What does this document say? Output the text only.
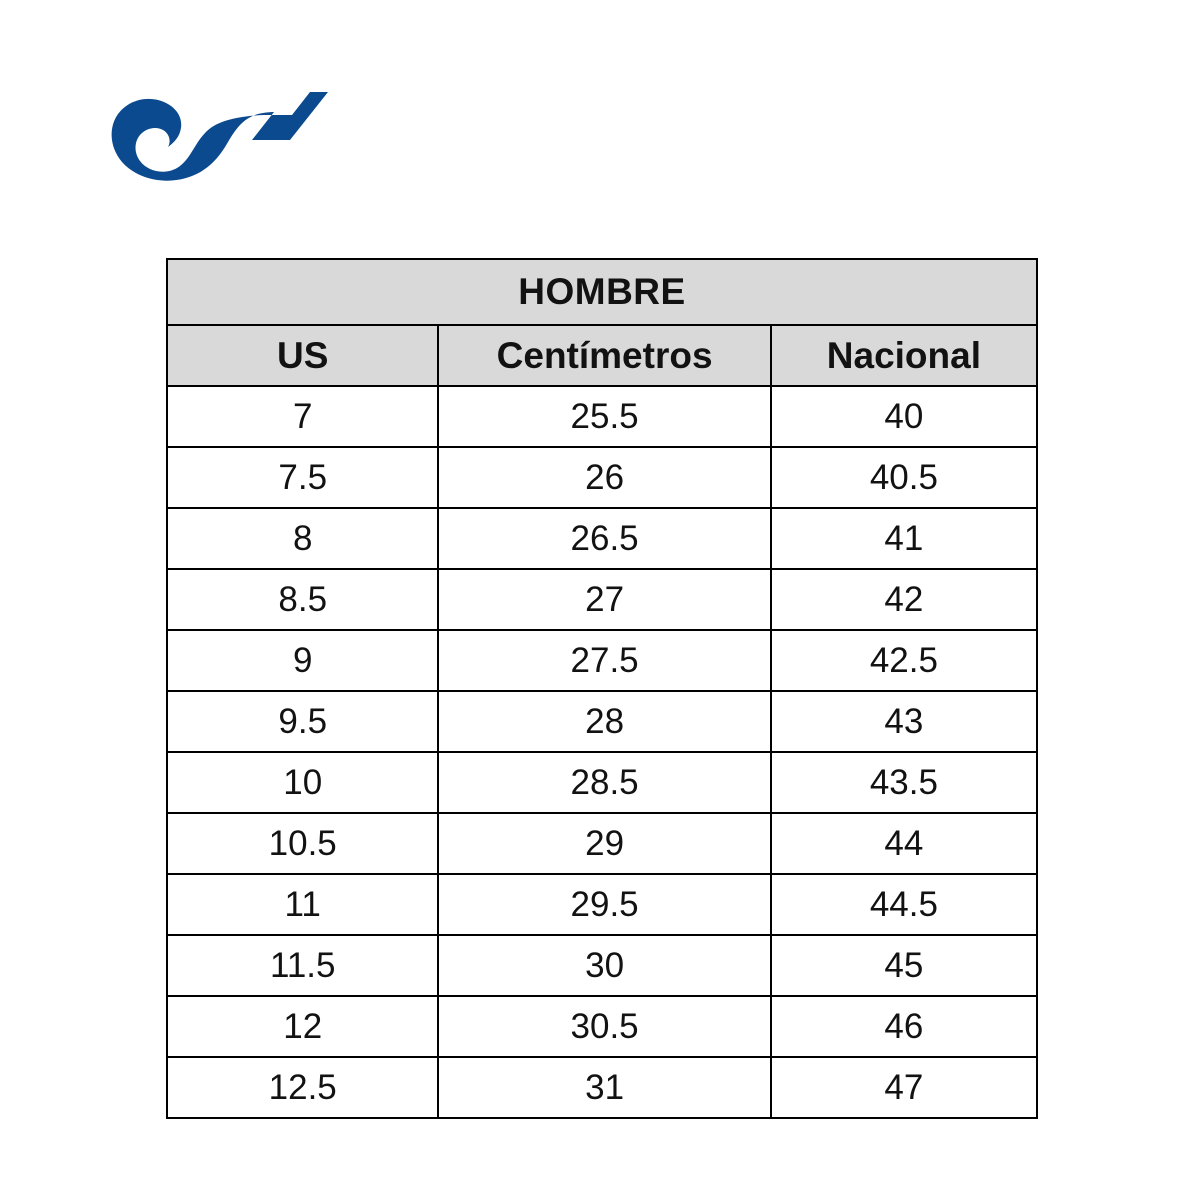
HOMBRE		
US	Centímetros	Nacional
7	25.5	40
7.5	26	40.5
8	26.5	41
8.5	27	42
9	27.5	42.5
9.5	28	43
10	28.5	43.5
10.5	29	44
11	29.5	44.5
11.5	30	45
12	30.5	46
12.5	31	47
